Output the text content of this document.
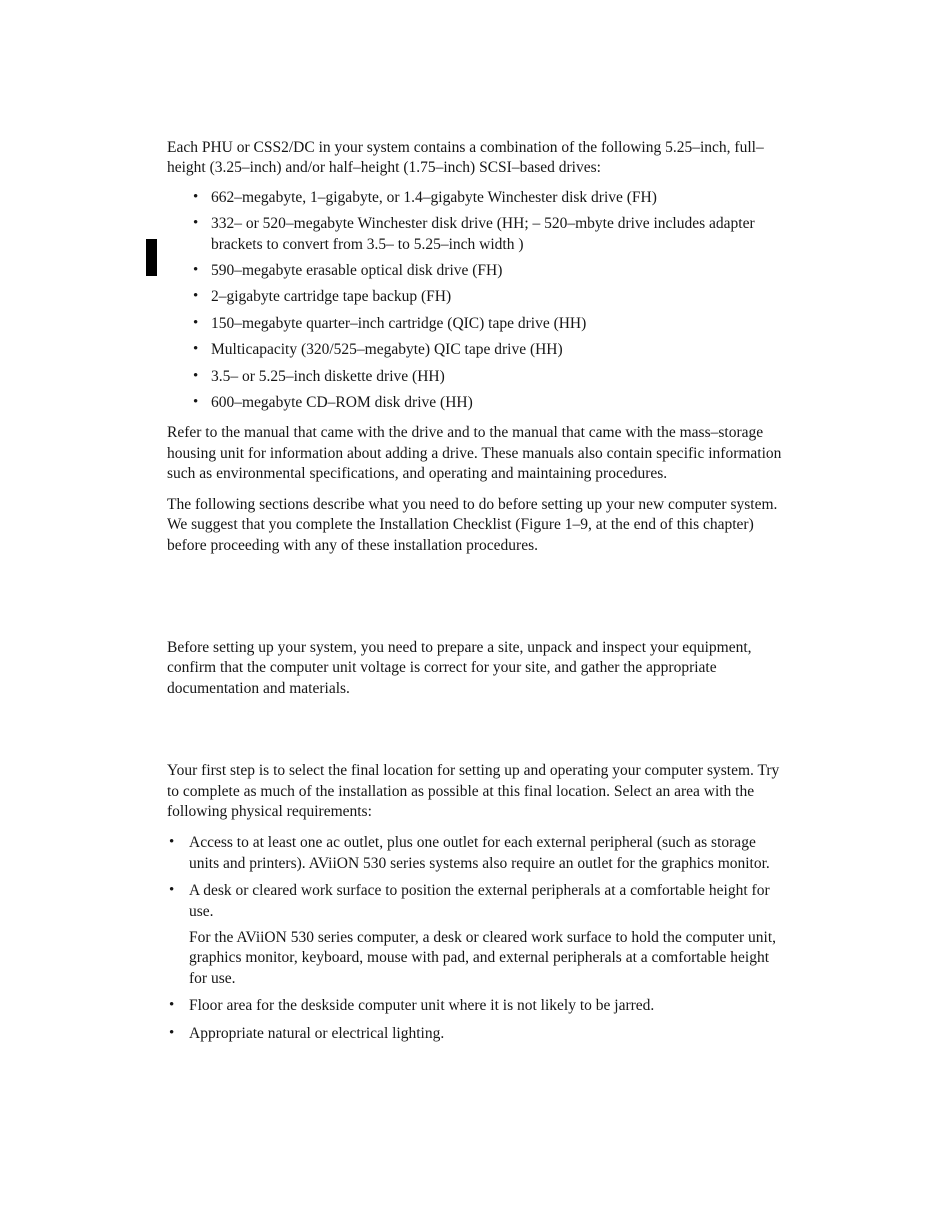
Each PHU or CSS2/DC in your system contains a combination of the following 5.25–inch, full–height (3.25–inch) and/or half–height (1.75–inch) SCSI–based drives:

• 662–megabyte, 1–gigabyte, or 1.4–gigabyte Winchester disk drive (FH)
• 332– or 520–megabyte Winchester disk drive (HH; – 520–mbyte drive includes adapter brackets to convert from 3.5– to 5.25–inch width )
• 590–megabyte erasable optical disk drive (FH)
• 2–gigabyte cartridge tape backup (FH)
• 150–megabyte quarter–inch cartridge (QIC) tape drive (HH)
• Multicapacity (320/525–megabyte) QIC tape drive (HH)
• 3.5– or 5.25–inch diskette drive (HH)
• 600–megabyte CD–ROM disk drive (HH)

Refer to the manual that came with the drive and to the manual that came with the mass–storage housing unit for information about adding a drive. These manuals also contain specific information such as environmental specifications, and operating and maintaining procedures.

The following sections describe what you need to do before setting up your new computer system. We suggest that you complete the Installation Checklist (Figure 1–9, at the end of this chapter) before proceeding with any of these installation procedures.

Before setting up your system, you need to prepare a site, unpack and inspect your equipment, confirm that the computer unit voltage is correct for your site, and gather the appropriate documentation and materials.

Your first step is to select the final location for setting up and operating your computer system. Try to complete as much of the installation as possible at this final location. Select an area with the following physical requirements:

• Access to at least one ac outlet, plus one outlet for each external peripheral (such as storage units and printers). AViiON 530 series systems also require an outlet for the graphics monitor.
• A desk or cleared work surface to position the external peripherals at a comfortable height for use.
For the AViiON 530 series computer, a desk or cleared work surface to hold the computer unit, graphics monitor, keyboard, mouse with pad, and external peripherals at a comfortable height for use.
• Floor area for the deskside computer unit where it is not likely to be jarred.
• Appropriate natural or electrical lighting.
